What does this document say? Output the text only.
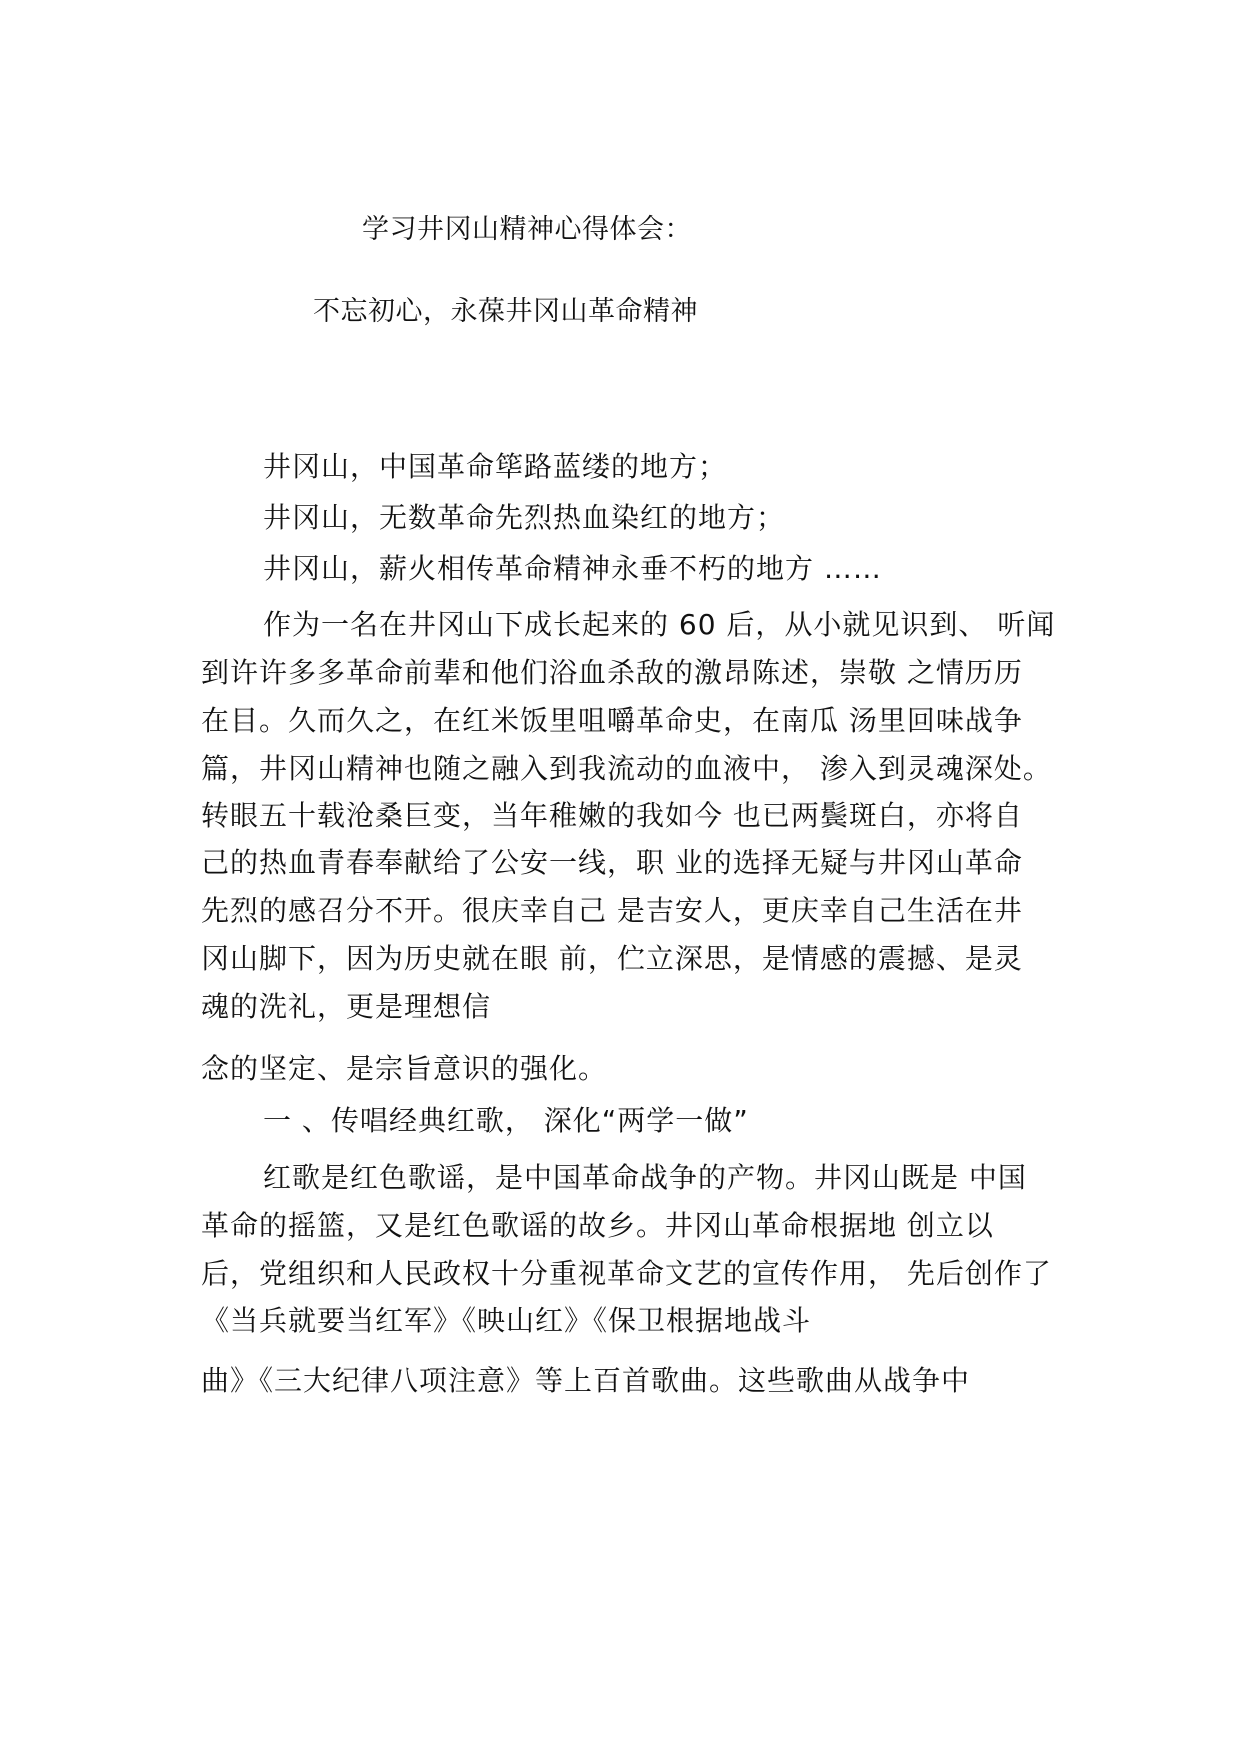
学习井冈山精神心得体会：
不忘初心，永葆井冈山革命精神
井冈山，中国革命筚路蓝缕的地方；
井冈山，无数革命先烈热血染红的地方；
井冈山，薪火相传革命精神永垂不朽的地方 ……
作为一名在井冈山下成长起来的 60 后，从小就见识到、 听闻
到许许多多革命前辈和他们浴血杀敌的激昂陈述，崇敬 之情历历
在目。久而久之，在红米饭里咀嚼革命史，在南瓜 汤里回味战争
篇，井冈山精神也随之融入到我流动的血液中， 渗入到灵魂深处。
转眼五十载沧桑巨变，当年稚嫩的我如今 也已两鬓斑白，亦将自
己的热血青春奉献给了公安一线，职 业的选择无疑与井冈山革命
先烈的感召分不开。很庆幸自己 是吉安人，更庆幸自己生活在井
冈山脚下，因为历史就在眼 前，伫立深思，是情感的震撼、是灵
魂的洗礼，更是理想信
念的坚定、是宗旨意识的强化。
一 、传唱经典红歌， 深化“两学一做”
红歌是红色歌谣，是中国革命战争的产物。井冈山既是 中国
革命的摇篮，又是红色歌谣的故乡。井冈山革命根据地 创立以
后，党组织和人民政权十分重视革命文艺的宣传作用， 先后创作了
《当兵就要当红军》《映山红》《保卫根据地战斗
曲》《三大纪律八项注意》等上百首歌曲。这些歌曲从战争中
